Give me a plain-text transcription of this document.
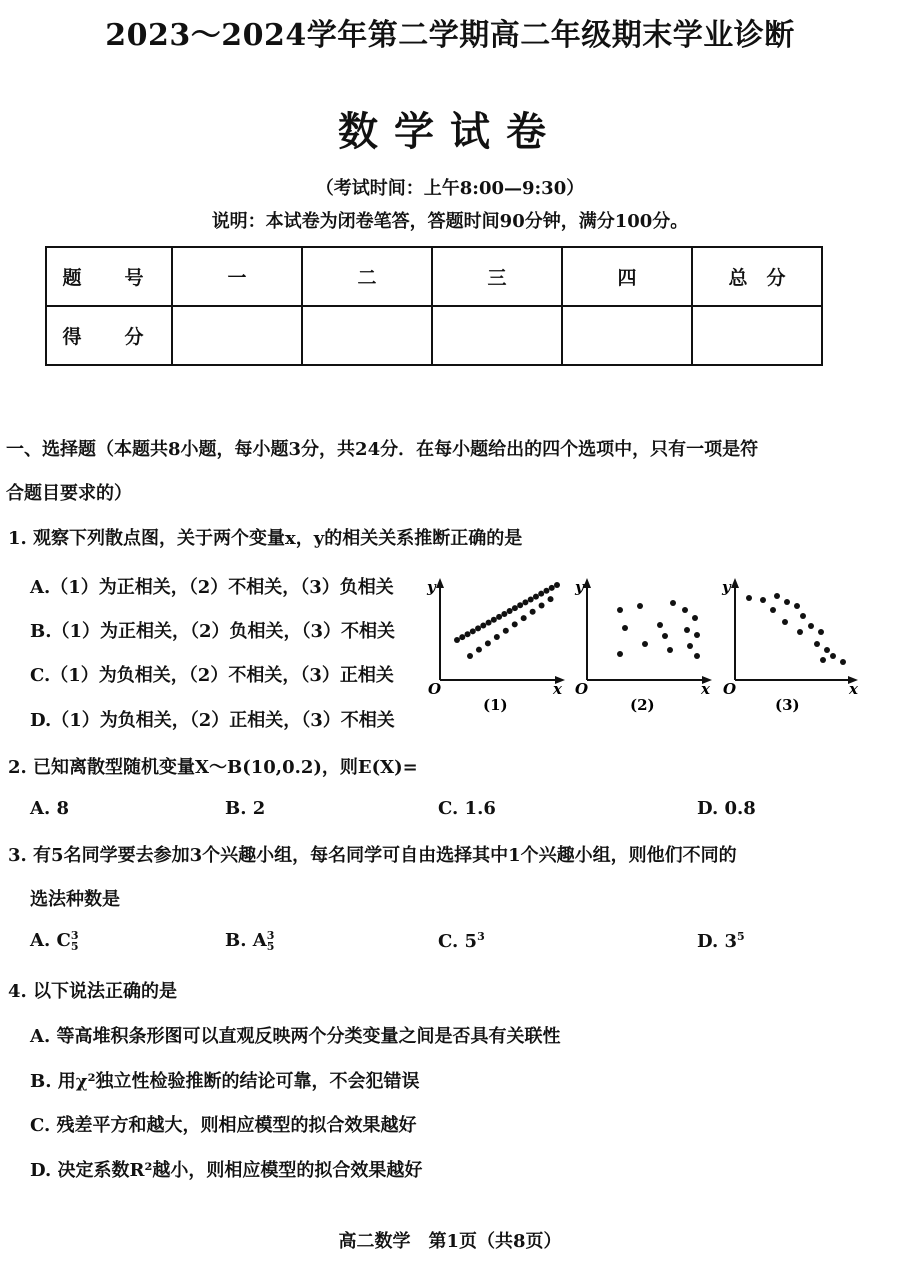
2023～2024学年第二学期高二年级期末学业诊断
数学试卷
（考试时间：上午8:00—9:30）
说明：本试卷为闭卷笔答，答题时间90分钟，满分100分。
题　号	一	二	三	四	总　分
得　分					
一、选择题（本题共8小题，每小题3分，共24分．在每小题给出的四个选项中，只有一项是符
合题目要求的）
1. 观察下列散点图，关于两个变量x，y的相关关系推断正确的是
A.（1）为正相关，（2）不相关，（3）负相关
B.（1）为正相关，（2）负相关，（3）不相关
C.（1）为负相关，（2）不相关，（3）正相关
D.（1）为负相关，（2）正相关，（3）不相关
y
O	x
(1)
y
O	x
(2)
y
O	x
(3)
2. 已知离散型随机变量X～B(10,0.2)，则E(X)=
A. 8	B. 2	C. 1.6	D. 0.8
3. 有5名同学要去参加3个兴趣小组，每名同学可自由选择其中1个兴趣小组，则他们不同的
选法种数是
A. C 3
5	B. A 3
5	C. $5^3$	D. $3^5$
4. 以下说法正确的是
A. 等高堆积条形图可以直观反映两个分类变量之间是否具有关联性
B. 用χ²独立性检验推断的结论可靠，不会犯错误
C. 残差平方和越大，则相应模型的拟合效果越好
D. 决定系数R²越小，则相应模型的拟合效果越好
高二数学　第1页（共8页）
